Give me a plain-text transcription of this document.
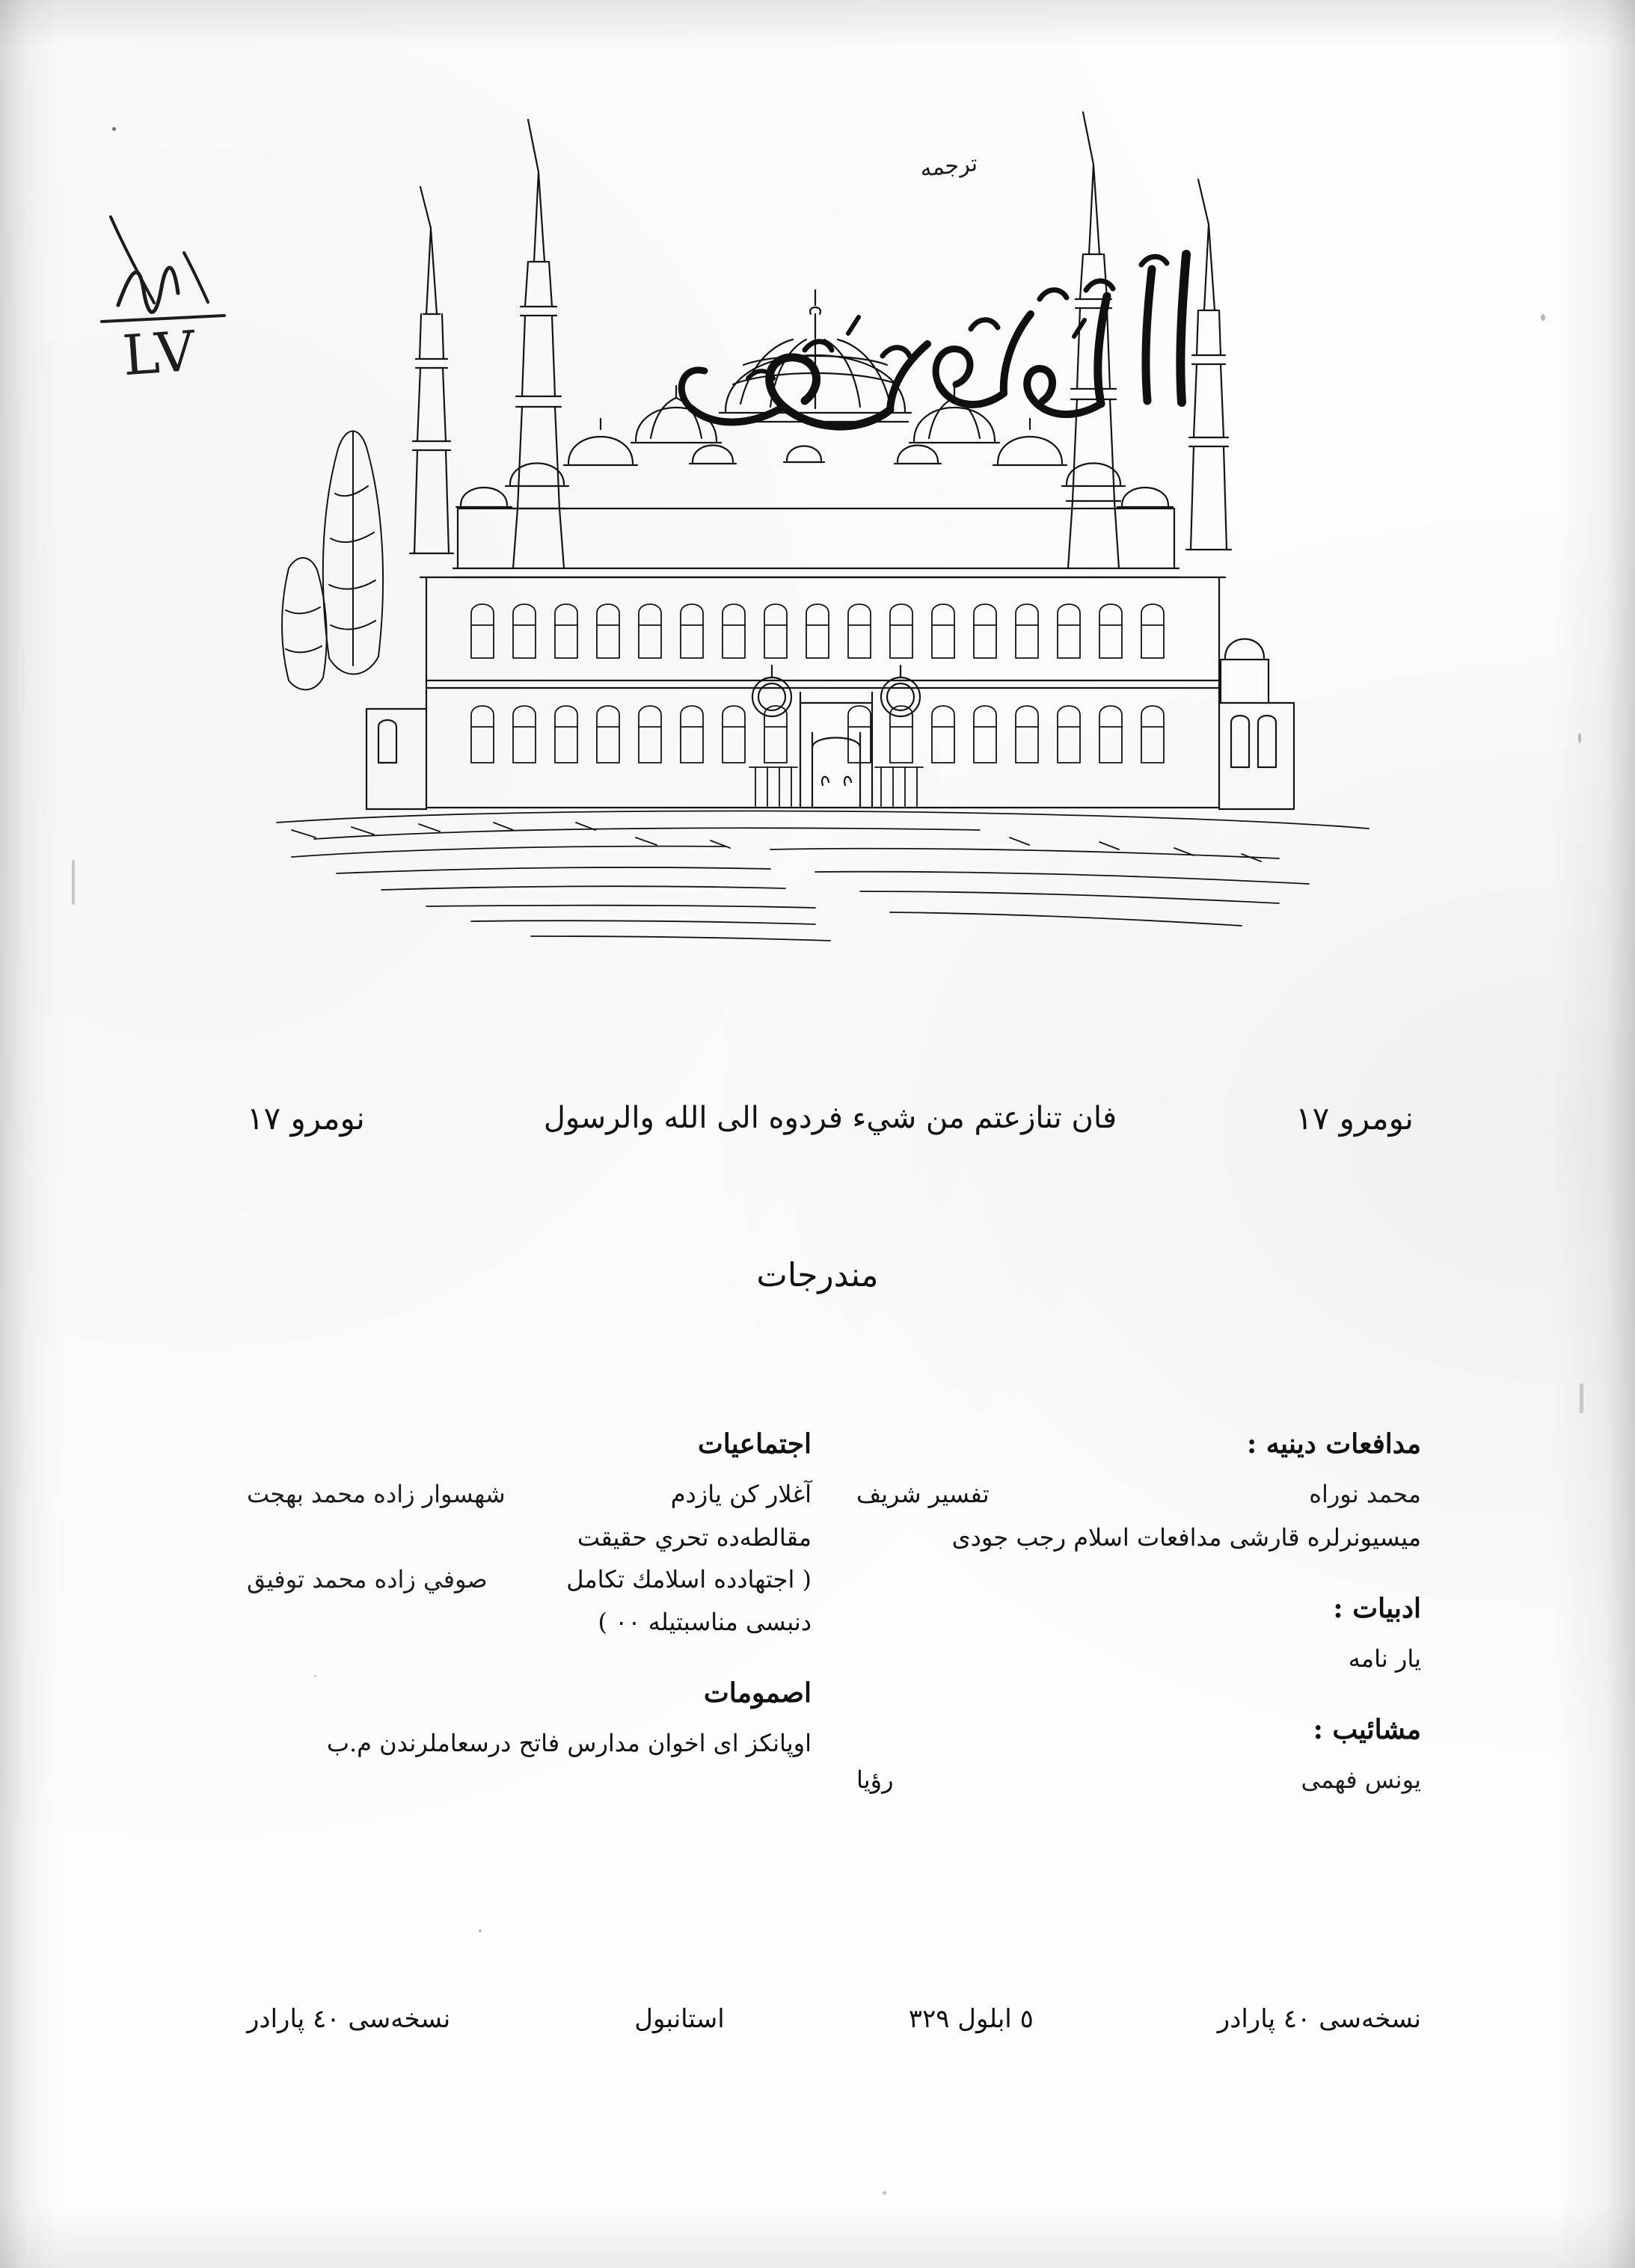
LV
ترجمه
نومرو ١٧
فان تنازعتم من شيء فردوه الى الله والرسول
نومرو ١٧
مندرجات
مدافعات دينيه :
محمد نوراه
تفسير شريف
ميسيونرلره قارشى مدافعات اسلام رجب جودى
ادبيات :
يار نامه
مشائيب :
يونس فهمى
رؤيا
اجتماعيات
آغلار كن يازدم
شهسوار زاده محمد بهجت
مقالطه‌ده تحري حقيقت
( اجتهادده اسلامك تكامل
صوفي زاده محمد توفيق
دنبسى مناسبتيله ٠٠ )
اصمومات
اوپانكز اى اخوان مدارس فاتح درسعاملرندن م.ب
نسخه‌سى ٤٠ پارادر
٥ ابلول ٣٢٩
استانبول
نسخه‌سى ٤٠ پارادر
